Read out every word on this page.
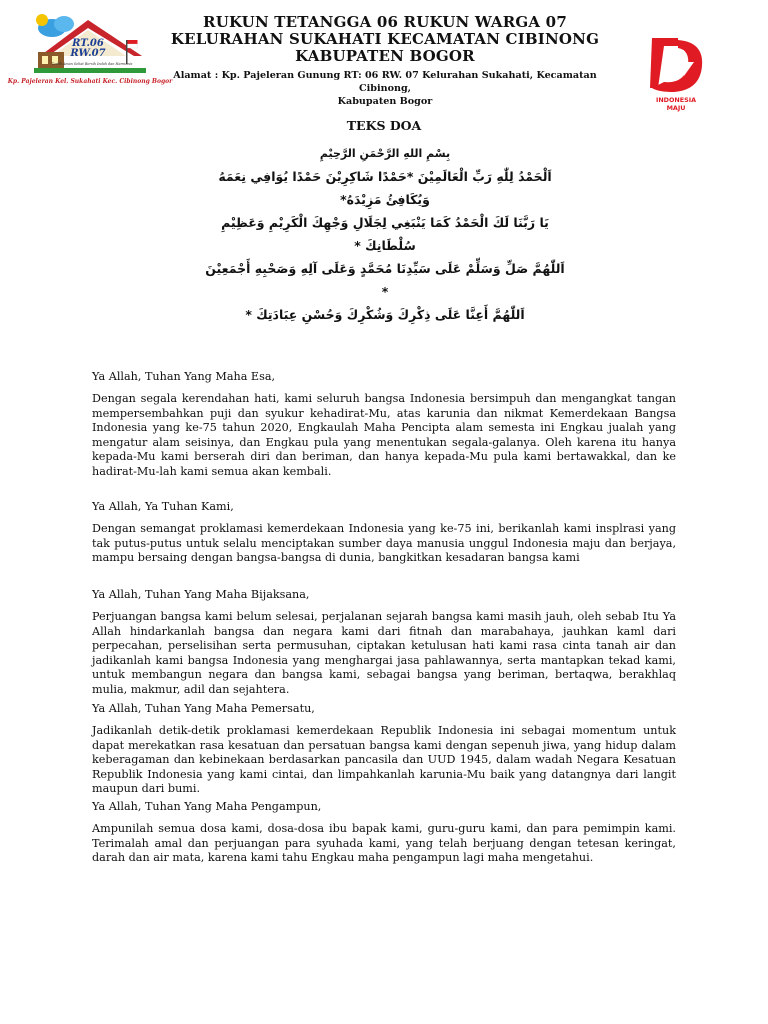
RT.06
RW.07
Tertib Aman Sehat Bersih Indah dan Harmonis
Kp. Pajeleran Kel. Sukahati Kec. Cibinong Bogor
INDONESIA
MAJU
RUKUN TETANGGA 06 RUKUN WARGA 07
KELURAHAN SUKAHATI KECAMATAN CIBINONG
KABUPATEN BOGOR
Alamat : Kp. Pajeleran Gunung RT: 06 RW. 07 Kelurahan Sukahati, Kecamatan Cibinong,
Kabupaten Bogor
TEKS DOA
بِسْمِ اللهِ الرَّحْمَنِ الرَّحِيْمِ
اَلْحَمْدُ لِلّٰهِ رَبِّ الْعَالَمِيْنَ *حَمْدًا شَاكِرِيْنَ حَمْدًا يُوَافِي نِعَمَهُ وَيُكَافِئُ مَزِيْدَهُ*
يَا رَبَّنَا لَكَ الْحَمْدُ كَمَا يَنْبَغِي لِجَلَالِ وَجْهِكَ الْكَرِيْمِ وَعَظِيْمِ سُلْطَانِكَ *
اَللّٰهُمَّ صَلِّ وَسَلِّمْ عَلَى سَيِّدِنَا مُحَمَّدٍ وَعَلَى آلِهِ وَصَحْبِهِ أَجْمَعِيْنَ *
اَللّٰهُمَّ أَعِنَّا عَلَى ذِكْرِكَ وَشُكْرِكَ وَحُسْنِ عِبَادَتِكَ *

Ya Allah, Tuhan Yang Maha Esa,

Dengan segala kerendahan hati, kami seluruh bangsa Indonesia bersimpuh dan mengangkat tangan mempersembahkan puji dan syukur kehadirat-Mu, atas karunia dan nikmat Kemerdekaan Bangsa Indonesia yang ke-75 tahun 2020, Engkaulah Maha Pencipta alam semesta ini Engkau jualah yang mengatur alam seisinya, dan Engkau pula yang menentukan segala-galanya. Oleh karena itu hanya kepada-Mu kami berserah diri dan beriman, dan hanya kepada-Mu pula kami bertawakkal, dan ke hadirat-Mu-lah kami semua akan kembali.

Ya Allah, Ya Tuhan Kami,

Dengan semangat proklamasi kemerdekaan Indonesia yang ke-75 ini, berikanlah kami insplrasi yang tak putus-putus untuk selalu menciptakan sumber daya manusia unggul Indonesia maju dan berjaya, mampu bersaing dengan bangsa-bangsa di dunia, bangkitkan kesadaran bangsa kami

Ya Allah, Tuhan Yang Maha Bijaksana,

Perjuangan bangsa kami belum selesai, perjalanan sejarah bangsa kami masih jauh, oleh sebab Itu Ya Allah hindarkanlah bangsa dan negara kami dari fitnah dan marabahaya, jauhkan kaml dari perpecahan, perselisihan serta permusuhan, ciptakan ketulusan hati kami rasa cinta tanah air dan jadikanlah kami bangsa Indonesia yang menghargai jasa pahlawannya, serta mantapkan tekad kami, untuk membangun negara dan bangsa kami, sebagai bangsa yang beriman, bertaqwa, berakhlaq mulia, makmur, adil dan sejahtera.

Ya Allah, Tuhan Yang Maha Pemersatu,

Jadikanlah detik-detik proklamasi kemerdekaan Republik Indonesia ini sebagai momentum untuk dapat merekatkan rasa kesatuan dan persatuan bangsa kami dengan sepenuh jiwa, yang hidup dalam keberagaman dan kebinekaan berdasarkan pancasila dan UUD 1945, dalam wadah Negara Kesatuan Republik Indonesia yang kami cintai, dan limpahkanlah karunia-Mu baik yang datangnya dari langit maupun dari bumi.

Ya Allah, Tuhan Yang Maha Pengampun,

Ampunilah semua dosa kami, dosa-dosa ibu bapak kami, guru-guru kami, dan para pemimpin kami. Terimalah amal dan perjuangan para syuhada kami, yang telah berjuang dengan tetesan keringat, darah dan air mata, karena kami tahu Engkau maha pengampun lagi maha mengetahui.
